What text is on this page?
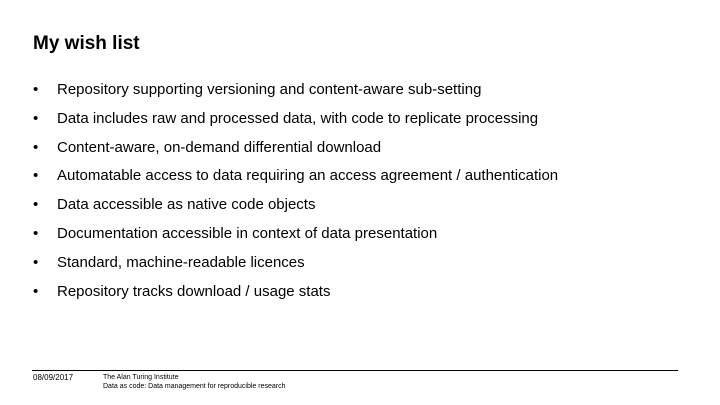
My wish list
•	Repository supporting versioning and content-aware sub-setting
•	Data includes raw and processed data, with code to replicate processing
•	Content-aware, on-demand differential download
•	Automatable access to data requiring an access agreement / authentication
•	Data accessible as native code objects
•	Documentation accessible in context of data presentation
•	Standard, machine-readable licences
•	Repository tracks download / usage stats
08/09/2017	The Alan Turing Institute
Data as code: Data management for reproducible research
